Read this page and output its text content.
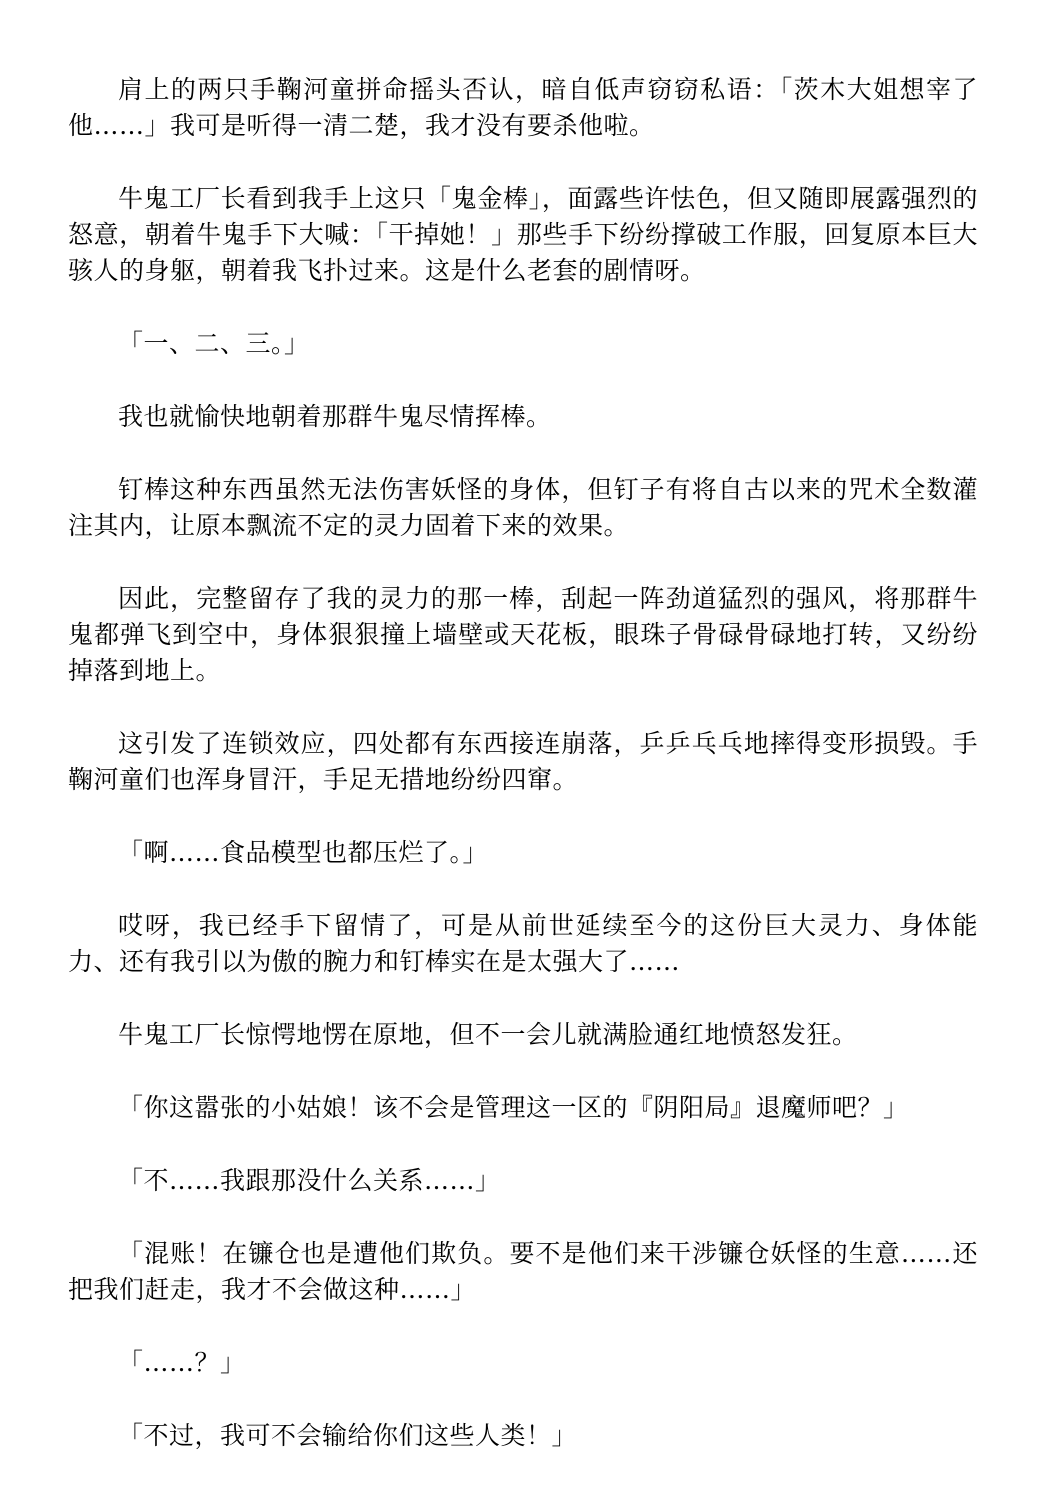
肩上的两只手鞠河童拼命摇头否认，暗自低声窃窃私语：「茨木大姐想宰了他……」我可是听得一清二楚，我才没有要杀他啦。

牛鬼工厂长看到我手上这只「鬼金棒」，面露些许怯色，但又随即展露强烈的怒意，朝着牛鬼手下大喊：「干掉她！」那些手下纷纷撑破工作服，回复原本巨大骇人的身躯，朝着我飞扑过来。这是什么老套的剧情呀。

「一、二、三。」

我也就愉快地朝着那群牛鬼尽情挥棒。

钉棒这种东西虽然无法伤害妖怪的身体，但钉子有将自古以来的咒术全数灌注其内，让原本飘流不定的灵力固着下来的效果。

因此，完整留存了我的灵力的那一棒，刮起一阵劲道猛烈的强风，将那群牛鬼都弹飞到空中，身体狠狠撞上墙壁或天花板，眼珠子骨碌骨碌地打转，又纷纷掉落到地上。

这引发了连锁效应，四处都有东西接连崩落，乒乒乓乓地摔得变形损毁。手鞠河童们也浑身冒汗，手足无措地纷纷四窜。

「啊……食品模型也都压烂了。」

哎呀，我已经手下留情了，可是从前世延续至今的这份巨大灵力、身体能力、还有我引以为傲的腕力和钉棒实在是太强大了……

牛鬼工厂长惊愕地愣在原地，但不一会儿就满脸通红地愤怒发狂。

「你这嚣张的小姑娘！该不会是管理这一区的『阴阳局』退魔师吧？」

「不……我跟那没什么关系……」

「混账！在镰仓也是遭他们欺负。要不是他们来干涉镰仓妖怪的生意……还把我们赶走，我才不会做这种……」

「……？」

「不过，我可不会输给你们这些人类！」
